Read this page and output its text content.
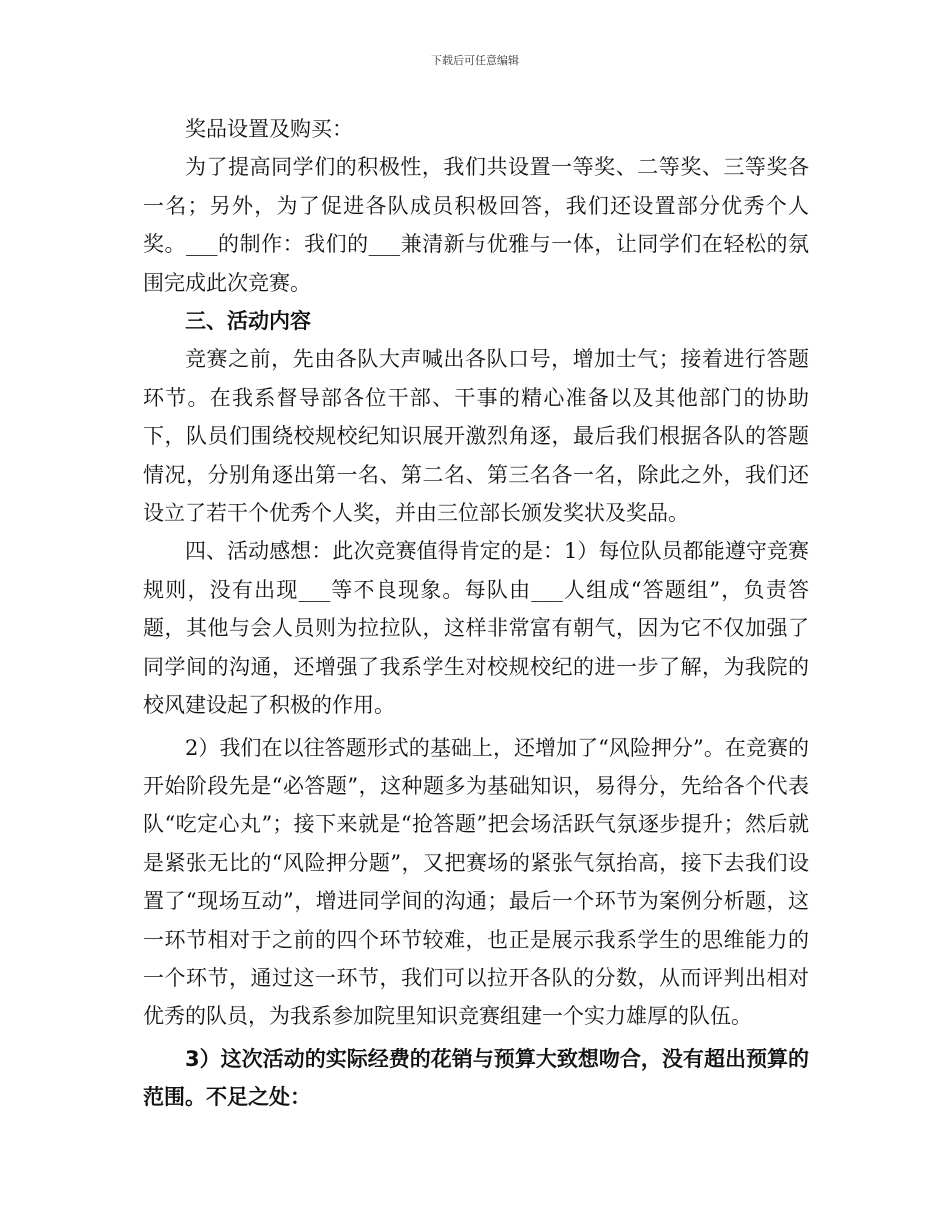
下载后可任意编辑

奖品设置及购买：

为了提高同学们的积极性，我们共设置一等奖、二等奖、三等奖各一名；另外，为了促进各队成员积极回答，我们还设置部分优秀个人奖。___的制作：我们的___兼清新与优雅与一体，让同学们在轻松的氛围完成此次竞赛。

三、活动内容

竞赛之前，先由各队大声喊出各队口号，增加士气；接着进行答题环节。在我系督导部各位干部、干事的精心准备以及其他部门的协助下，队员们围绕校规校纪知识展开激烈角逐，最后我们根据各队的答题情况，分别角逐出第一名、第二名、第三名各一名，除此之外，我们还设立了若干个优秀个人奖，并由三位部长颁发奖状及奖品。

四、活动感想：此次竞赛值得肯定的是：1）每位队员都能遵守竞赛规则，没有出现___等不良现象。每队由___人组成“答题组”，负责答题，其他与会人员则为拉拉队，这样非常富有朝气，因为它不仅加强了同学间的沟通，还增强了我系学生对校规校纪的进一步了解，为我院的校风建设起了积极的作用。

2）我们在以往答题形式的基础上，还增加了“风险押分”。在竞赛的开始阶段先是“必答题”，这种题多为基础知识，易得分，先给各个代表队“吃定心丸”；接下来就是“抢答题”把会场活跃气氛逐步提升；然后就是紧张无比的“风险押分题”，又把赛场的紧张气氛抬高，接下去我们设置了“现场互动”，增进同学间的沟通；最后一个环节为案例分析题，这一环节相对于之前的四个环节较难，也正是展示我系学生的思维能力的一个环节，通过这一环节，我们可以拉开各队的分数，从而评判出相对优秀的队员，为我系参加院里知识竞赛组建一个实力雄厚的队伍。

3）这次活动的实际经费的花销与预算大致想吻合，没有超出预算的范围。不足之处：
